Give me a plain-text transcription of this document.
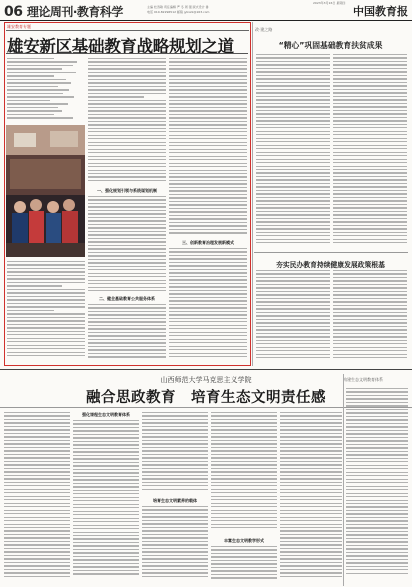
06 理论周刊·教育科学	主编 杜涛敏 责任编辑 严 冬 周 强 版式设计 鲁
电话 010-82296512 邮箱 jykxzk@163.com
2023年3月16日 星期四
中国教育报
雄安教育专题
雄安新区基础教育战略规划之道
一、强化规划引领与系统谋划机制
二、健全基础教育公共服务体系
三、创新教育治理发展新模式
改·建之路
“精心”巩固基础教育扶贫成果
夯实民办教育持续健康发展政策根基
山西师范大学马克思主义学院
融合思政教育　培育生态文明责任感
构建生态文明教育体系
强化课程生态文明教育体系
培育生态文明素养的载体
丰富生态文明教学形式
